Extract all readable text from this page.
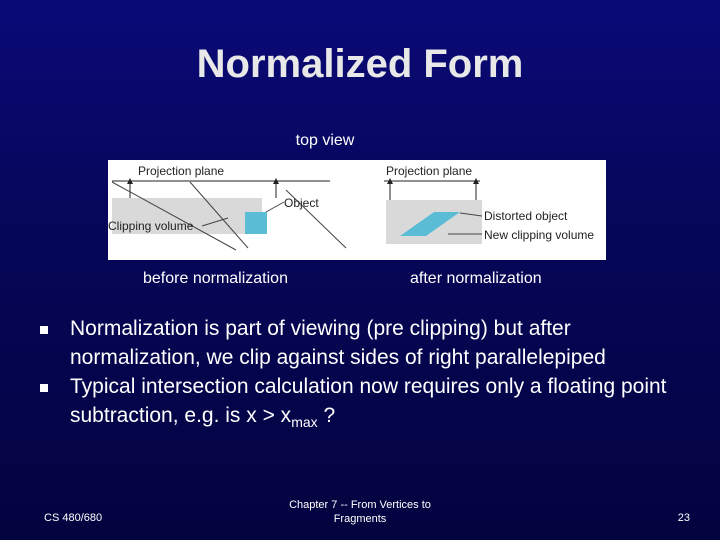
Normalized Form
top view
Projection plane
Object
Clipping volume
Projection plane
Distorted object
New clipping volume
before normalization	after normalization
Normalization is part of viewing (pre clipping) but after normalization, we clip against sides of right parallelepiped
Typical intersection calculation now requires only a floating point subtraction, e.g. is $x > x_{max}$ ?
CS 480/680
Chapter 7 -- From Vertices to
Fragments	23
